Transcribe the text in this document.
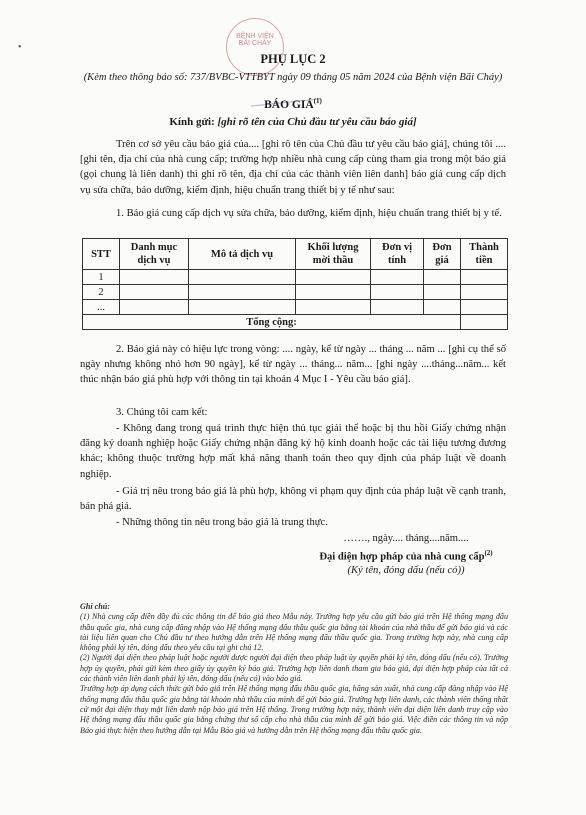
•
BỆNH VIỆN
BÃI CHÁY
PHỤ LỤC 2
(Kèm theo thông báo số: 737/BVBC-VTTBYT ngày 09 tháng 05 năm 2024 của Bệnh viện Bãi Cháy)
BÁO GIÁ$^{(1)}$
Kính gửi: [ghi rõ tên của Chủ đầu tư yêu cầu báo giá]
Trên cơ sở yêu cầu báo giá của.... [ghi rõ tên của Chủ đầu tư yêu cầu báo giá], chúng tôi .... [ghi tên, địa chỉ của nhà cung cấp; trường hợp nhiều nhà cung cấp cùng tham gia trong một báo giá (gọi chung là liên danh) thì ghi rõ tên, địa chỉ của các thành viên liên danh] báo giá cung cấp dịch vụ sửa chữa, bảo dưỡng, kiểm định, hiệu chuẩn trang thiết bị y tế như sau:
1. Báo giá cung cấp dịch vụ sửa chữa, bảo dưỡng, kiểm định, hiệu chuẩn trang thiết bị y tế.
STT	Danh mục dịch vụ	Mô tả dịch vụ	Khối lượng mời thầu	Đơn vị tính	Đơn giá	Thành tiền
1						
2						
...						
Tổng cộng:						
2. Báo giá này có hiệu lực trong vòng: .... ngày, kể từ ngày ... tháng ... năm ... [ghi cụ thể số ngày nhưng không nhỏ hơn 90 ngày], kể từ ngày ... tháng... năm... [ghi ngày ....tháng...năm... kết thúc nhận báo giá phù hợp với thông tin tại khoản 4 Mục I - Yêu cầu báo giá].
3. Chúng tôi cam kết:
- Không đang trong quá trình thực hiện thủ tục giải thể hoặc bị thu hồi Giấy chứng nhận đăng ký doanh nghiệp hoặc Giấy chứng nhận đăng ký hộ kinh doanh hoặc các tài liệu tương đương khác; không thuộc trường hợp mất khả năng thanh toán theo quy định của pháp luật về doanh nghiệp.
- Giá trị nêu trong báo giá là phù hợp, không vi phạm quy định của pháp luật về cạnh tranh, bán phá giá.
- Những thông tin nêu trong báo giá là trung thực.
……., ngày.... tháng....năm....
Đại diện hợp pháp của nhà cung cấp$^{(2)}$
(Ký tên, đóng dấu (nếu có))

Ghi chú:

(1) Nhà cung cấp điền đầy đủ các thông tin để báo giá theo Mẫu này. Trường hợp yêu cầu gửi báo giá trên Hệ thống mạng đấu thầu quốc gia, nhà cung cấp đăng nhập vào Hệ thống mạng đấu thầu quốc gia bằng tài khoản của nhà thầu để gửi báo giá và các tài liệu liên quan cho Chủ đầu tư theo hướng dẫn trên Hệ thống mạng đấu thầu quốc gia. Trong trường hợp này, nhà cung cấp không phải ký tên, đóng dấu theo yêu cầu tại ghi chú 12.

(2) Người đại diện theo pháp luật hoặc người được người đại diện theo pháp luật ủy quyền phải ký tên, đóng dấu (nếu có). Trường hợp ủy quyền, phải gửi kèm theo giấy ủy quyền ký báo giá. Trường hợp liên danh tham gia báo giá, đại diện hợp pháp của tất cả các thành viên liên danh phải ký tên, đóng dấu (nếu có) vào báo giá.

Trường hợp áp dụng cách thức gửi báo giá trên Hệ thống mạng đấu thầu quốc gia, hãng sản xuất, nhà cung cấp đăng nhập vào Hệ thống mạng đấu thầu quốc gia bằng tài khoản nhà thầu của mình để gửi báo giá. Trường hợp liên danh, các thành viên thống nhất cử một đại diện thay mặt liên danh nộp báo giá trên Hệ thống. Trong trường hợp này, thành viên đại diện liên danh truy cập vào Hệ thống mạng đấu thầu quốc gia bằng chứng thư số cấp cho nhà thầu của mình để gửi báo giá. Việc điền các thông tin và nộp Báo giá thực hiện theo hướng dẫn tại Mẫu Báo giá và hướng dẫn trên Hệ thống mạng đấu thầu quốc gia.
